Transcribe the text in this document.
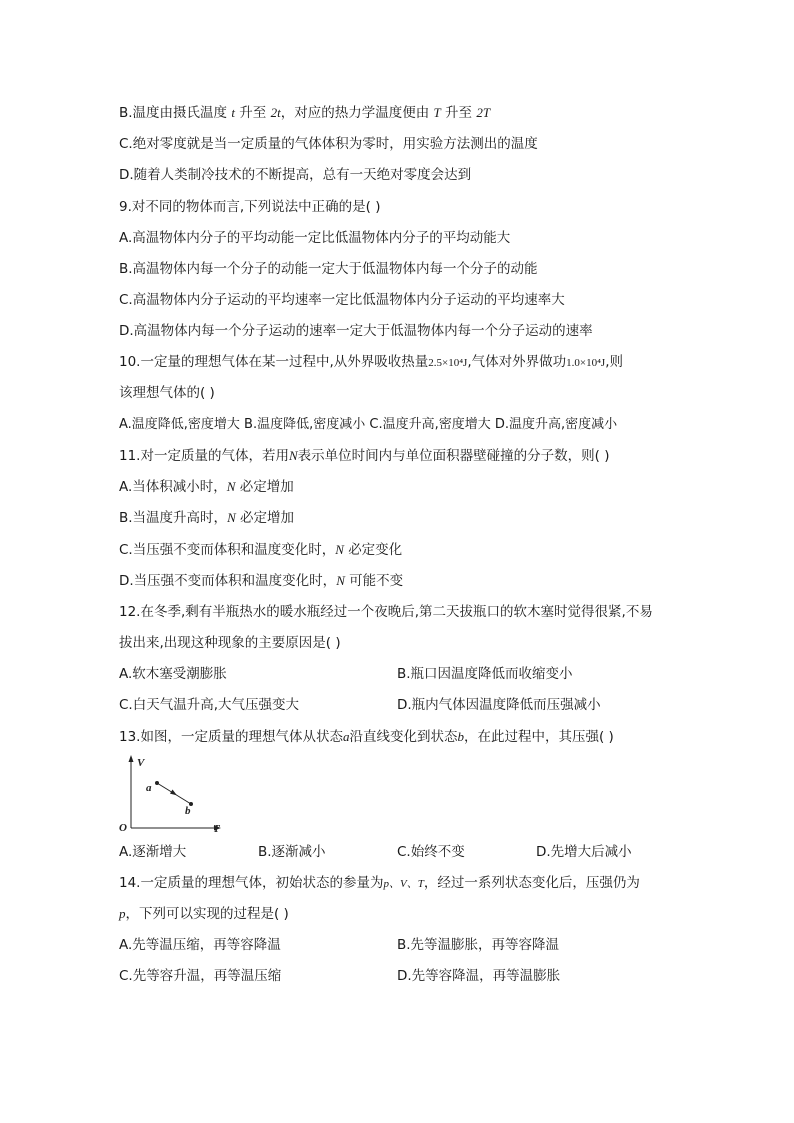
B.温度由摄氏温度 t 升至 2t，对应的热力学温度便由 T 升至 2T
C.绝对零度就是当一定质量的气体体积为零时，用实验方法测出的温度
D.随着人类制冷技术的不断提高，总有一天绝对零度会达到
9.对不同的物体而言,下列说法中正确的是( )
A.高温物体内分子的平均动能一定比低温物体内分子的平均动能大
B.高温物体内每一个分子的动能一定大于低温物体内每一个分子的动能
C.高温物体内分子运动的平均速率一定比低温物体内分子运动的平均速率大
D.高温物体内每一个分子运动的速率一定大于低温物体内每一个分子运动的速率
10.一定量的理想气体在某一过程中,从外界吸收热量2.5×10⁴J,气体对外界做功1.0×10⁴J,则
该理想气体的( )
A.温度降低,密度增大 B.温度降低,密度减小 C.温度升高,密度增大 D.温度升高,密度减小
11.对一定质量的气体，若用N表示单位时间内与单位面积器壁碰撞的分子数，则( )
A.当体积减小时，N 必定增加
B.当温度升高时，N 必定增加
C.当压强不变而体积和温度变化时，N 必定变化
D.当压强不变而体积和温度变化时，N 可能不变
12.在冬季,剩有半瓶热水的暖水瓶经过一个夜晚后,第二天拔瓶口的软木塞时觉得很紧,不易
拔出来,出现这种现象的主要原因是( )
A.软木塞受潮膨胀	B.瓶口因温度降低而收缩变小
C.白天气温升高,大气压强变大	D.瓶内气体因温度降低而压强减小
13.如图，一定质量的理想气体从状态a沿直线变化到状态b，在此过程中，其压强( )
V
T
O
a
b
A.逐渐增大	B.逐渐减小	C.始终不变	D.先增大后减小
14.一定质量的理想气体，初始状态的参量为p、V、T，经过一系列状态变化后，压强仍为
p，下列可以实现的过程是( )
A.先等温压缩，再等容降温	B.先等温膨胀，再等容降温
C.先等容升温，再等温压缩	D.先等容降温，再等温膨胀
